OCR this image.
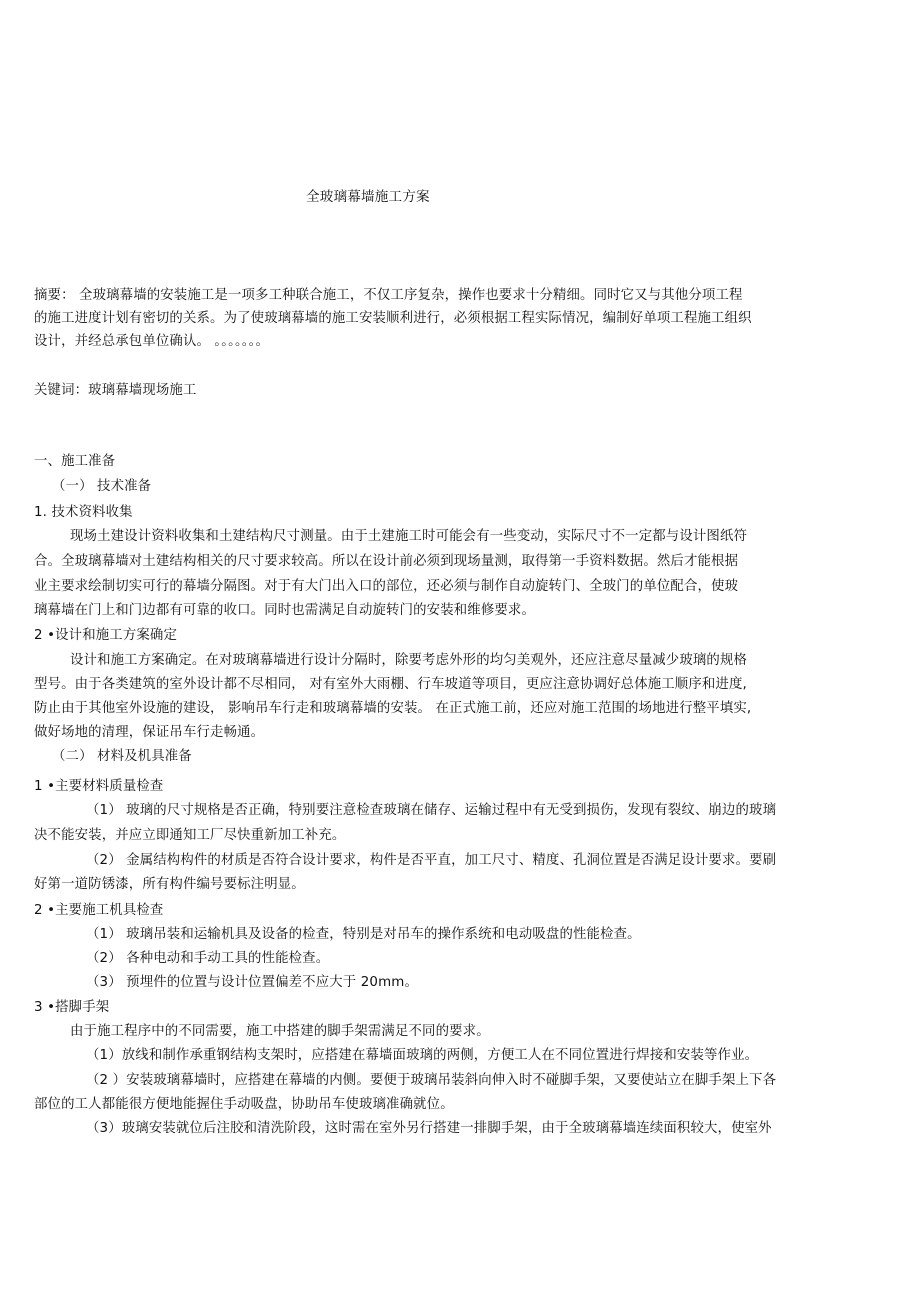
全玻璃幕墙施工方案
摘要： 全玻璃幕墙的安装施工是一项多工种联合施工，不仅工序复杂，操作也要求十分精细。同时它又与其他分项工程
的施工进度计划有密切的关系。为了使玻璃幕墙的施工安装顺利进行，必须根据工程实际情况，编制好单项工程施工组织
设计，并经总承包单位确认。 。。。。。。。
关键词：玻璃幕墙现场施工
一、施工准备
（一） 技术准备
1. 技术资料收集
现场土建设计资料收集和土建结构尺寸测量。由于土建施工时可能会有一些变动，实际尺寸不一定都与设计图纸符
合。全玻璃幕墙对土建结构相关的尺寸要求较高。所以在设计前必须到现场量测，取得第一手资料数据。然后才能根据
业主要求绘制切实可行的幕墙分隔图。对于有大门出入口的部位，还必须与制作自动旋转门、全玻门的单位配合，使玻
璃幕墙在门上和门边都有可靠的收口。同时也需满足自动旋转门的安装和维修要求。
2 •设计和施工方案确定
设计和施工方案确定。在对玻璃幕墙进行设计分隔时，除要考虑外形的均匀美观外，还应注意尽量减少玻璃的规格
型号。由于各类建筑的室外设计都不尽相同， 对有室外大雨棚、行车坡道等项目，更应注意协调好总体施工顺序和进度,
防止由于其他室外设施的建设， 影响吊车行走和玻璃幕墙的安装。 在正式施工前，还应对施工范围的场地进行整平填实,
做好场地的清理，保证吊车行走畅通。
（二） 材料及机具准备
1 •主要材料质量检查
（1） 玻璃的尺寸规格是否正确，特别要注意检查玻璃在储存、运输过程中有无受到损伤，发现有裂纹、崩边的玻璃
决不能安装，并应立即通知工厂尽快重新加工补充。
（2） 金属结构构件的材质是否符合设计要求，构件是否平直，加工尺寸、精度、孔洞位置是否满足设计要求。要刷
好第一道防锈漆，所有构件编号要标注明显。
2 •主要施工机具检查
（1） 玻璃吊装和运输机具及设备的检查，特别是对吊车的操作系统和电动吸盘的性能检查。
（2） 各种电动和手动工具的性能检查。
（3） 预埋件的位置与设计位置偏差不应大于 20mm。
3 •搭脚手架
由于施工程序中的不同需要，施工中搭建的脚手架需满足不同的要求。
（1）放线和制作承重钢结构支架时，应搭建在幕墙面玻璃的两侧，方便工人在不同位置进行焊接和安装等作业。
（2 ）安装玻璃幕墙时，应搭建在幕墙的内侧。要便于玻璃吊装斜向伸入时不碰脚手架，又要使站立在脚手架上下各
部位的工人都能很方便地能握住手动吸盘，协助吊车使玻璃准确就位。
（3）玻璃安装就位后注胶和清洗阶段，这时需在室外另行搭建一排脚手架，由于全玻璃幕墙连续面积较大，使室外
